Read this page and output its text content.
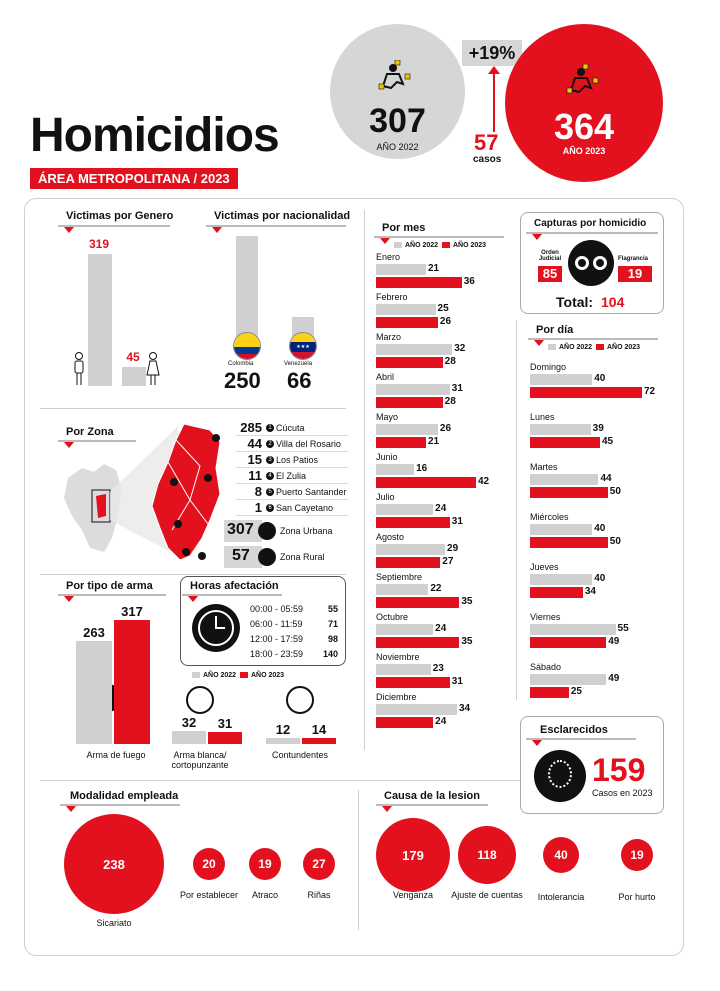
Homicidios
ÁREA METROPOLITANA / 2023
307
AÑO 2022
+19%
57
casos
364
AÑO 2023
Victimas por Genero
319
45
Victimas por nacionalidad
★★★
Colombia	Venezuela
250 66
Por Zona
307	Zona Urbana
57	Zona Rural
Por tipo de arma
AÑO 2022 AÑO 2023
Horas afectación
Por mes
AÑO 2022 AÑO 2023
Capturas por homicidio
Orden Judicial
85
Flagrancia
19
Total: 104
Por día
AÑO 2022 AÑO 2023
Esclarecidos
159
Casos en 2023
Modalidad empleada	Causa de la lesion
285	1 Cúcuta
44	2 Villa del Rosario
15	3 Los Patios
11	4 El Zulia
8	5 Puerto Santander
1	6 San Cayetano
00:00 - 05:59	55
06:00 - 11:59	71
12:00 - 17:59	98
18:00 - 23:59	140
Enero
21
36
Febrero
25
26
Marzo
32
28
Abril
31
28
Mayo
26
21
Junio
16
42
Julio
24
31
Agosto
29
27
Septiembre
22
35
Octubre
24
35
Noviembre
23
31
Diciembre
34
24
Domingo
40
72
Lunes
39
45
Martes
44
50
Miércoles
40
50
Jueves
40
34
Viernes
55
49
Sábado
49
25
263
317
Arma de fuego
32	31
Arma blanca/ cortopunzante
12	14
Contundentes
238
Sicariato
20
Por establecer
19
Atraco
27
Riñas
179
Venganza
118
Ajuste de cuentas
40
Intolerancia
19
Por hurto
